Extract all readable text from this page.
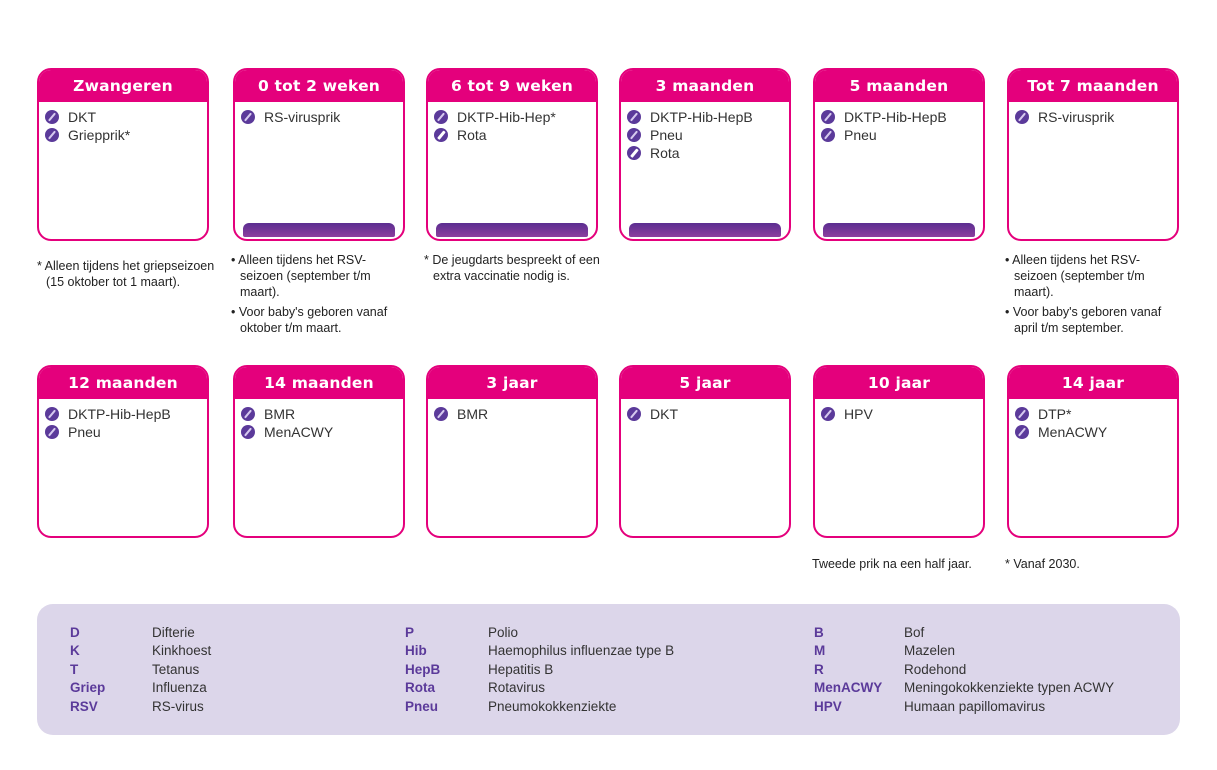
Zwangeren
DKT
Griepprik*
0 tot 2 weken
RS-virusprik
6 tot 9 weken
DKTP-Hib-Hep*
Rota
3 maanden
DKTP-Hib-HepB
Pneu
Rota
5 maanden
DKTP-Hib-HepB
Pneu
Tot 7 maanden
RS-virusprik
12 maanden
DKTP-Hib-HepB
Pneu
14 maanden
BMR
MenACWY
3 jaar
BMR
5 jaar
DKT
10 jaar
HPV
14 jaar
DTP*
MenACWY

* Alleen tijdens het griepseizoen (15 oktober tot 1 maart).

• Alleen tijdens het RSV-seizoen (september t/m maart).

• Voor baby's geboren vanaf oktober t/m maart.

* De jeugdarts bespreekt of een extra vaccinatie nodig is.

• Alleen tijdens het RSV-seizoen (september t/m maart).

• Voor baby's geboren vanaf april t/m september.

Tweede prik na een half jaar.	* Vanaf 2030.

D	Difterie
K	Kinkhoest
T	Tetanus
Griep	Influenza
RSV	RS-virus
P	Polio
Hib	Haemophilus influenzae type B
HepB	Hepatitis B
Rota	Rotavirus
Pneu	Pneumokokkenziekte
B	Bof
M	Mazelen
R	Rodehond
MenACWY	Meningokokkenziekte typen ACWY
HPV	Humaan papillomavirus
